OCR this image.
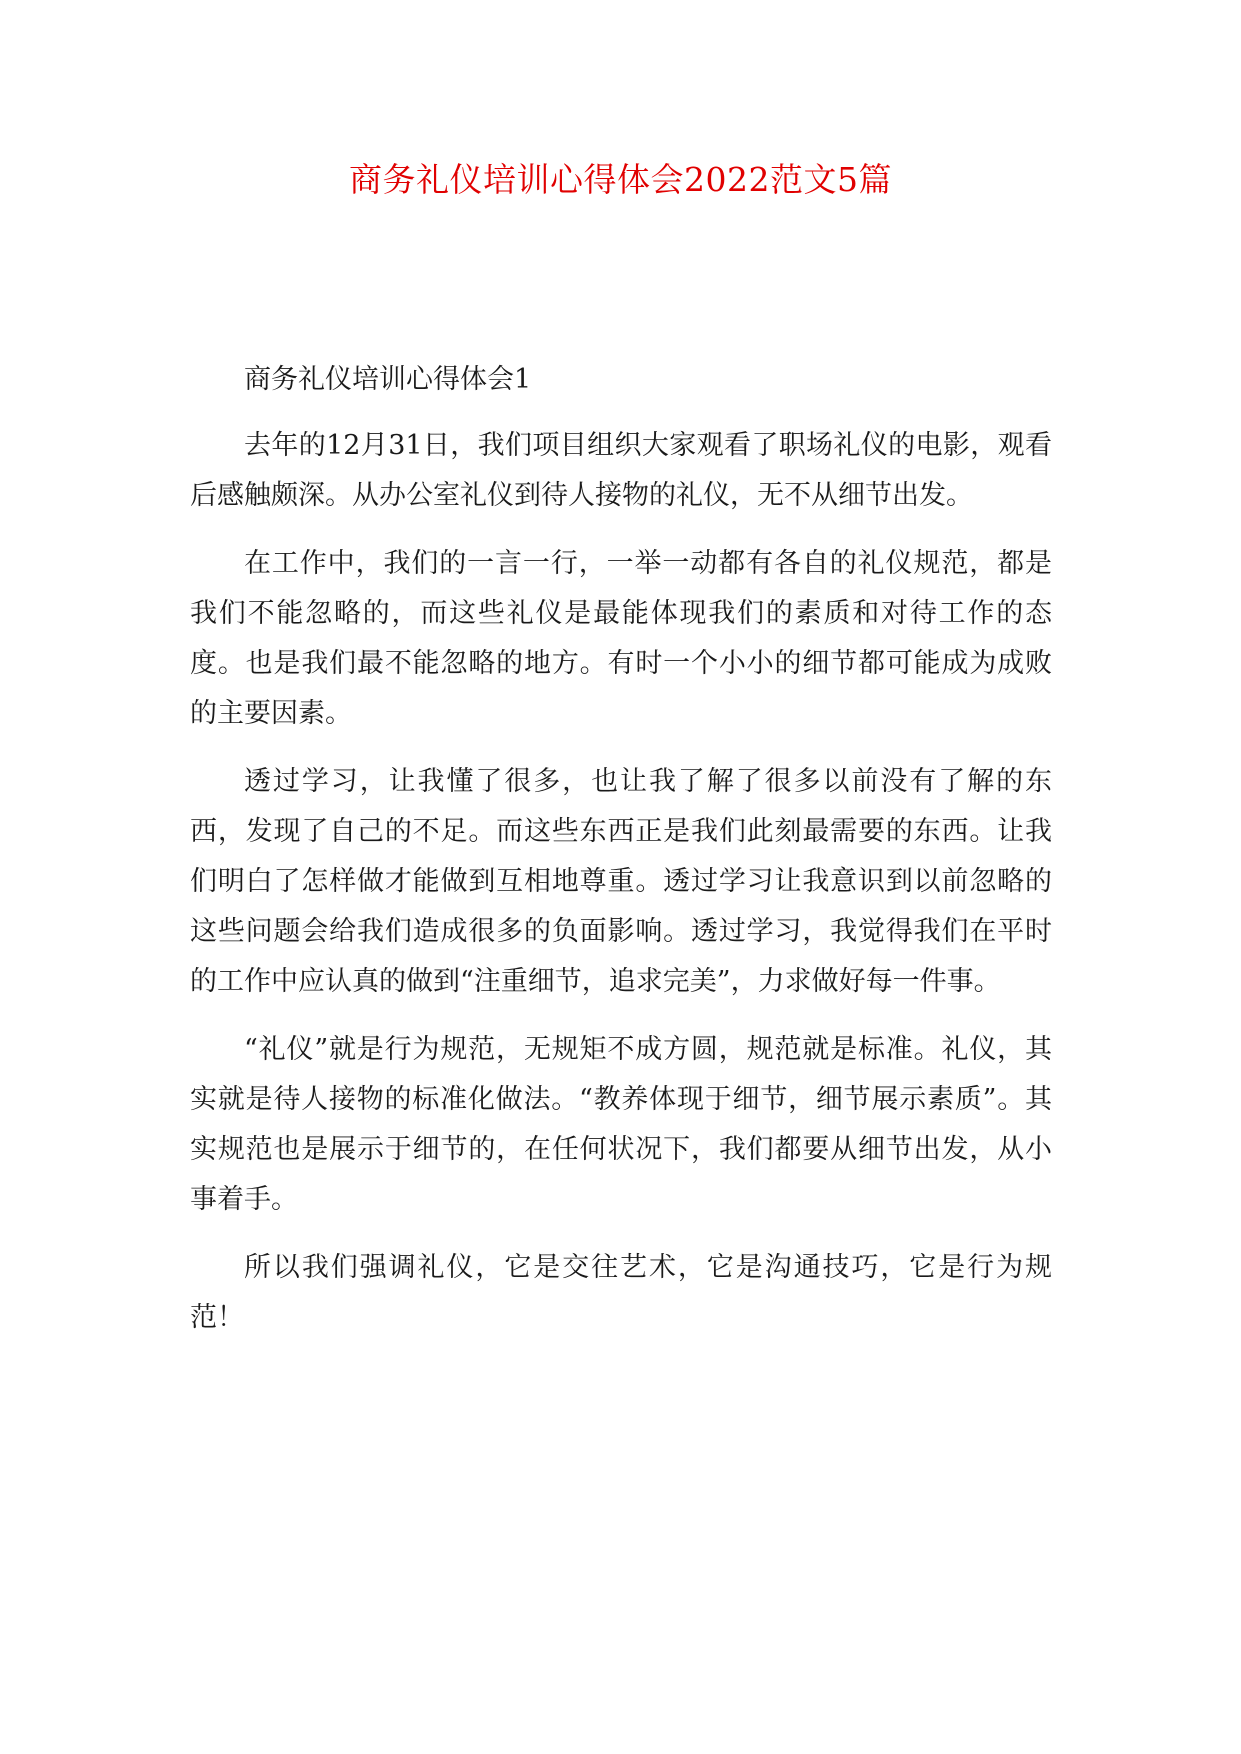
商务礼仪培训心得体会2022范文5篇

商务礼仪培训心得体会1

去年的12月31日，我们项目组织大家观看了职场礼仪的电影，观看后感触颇深。从办公室礼仪到待人接物的礼仪，无不从细节出发。

在工作中，我们的一言一行，一举一动都有各自的礼仪规范，都是我们不能忽略的，而这些礼仪是最能体现我们的素质和对待工作的态度。也是我们最不能忽略的地方。有时一个小小的细节都可能成为成败的主要因素。

透过学习，让我懂了很多，也让我了解了很多以前没有了解的东西，发现了自己的不足。而这些东西正是我们此刻最需要的东西。让我们明白了怎样做才能做到互相地尊重。透过学习让我意识到以前忽略的这些问题会给我们造成很多的负面影响。透过学习，我觉得我们在平时的工作中应认真的做到“注重细节，追求完美”，力求做好每一件事。

“礼仪”就是行为规范，无规矩不成方圆，规范就是标准。礼仪，其实就是待人接物的标准化做法。“教养体现于细节，细节展示素质”。其实规范也是展示于细节的，在任何状况下，我们都要从细节出发，从小事着手。

所以我们强调礼仪，它是交往艺术，它是沟通技巧，它是行为规范！
